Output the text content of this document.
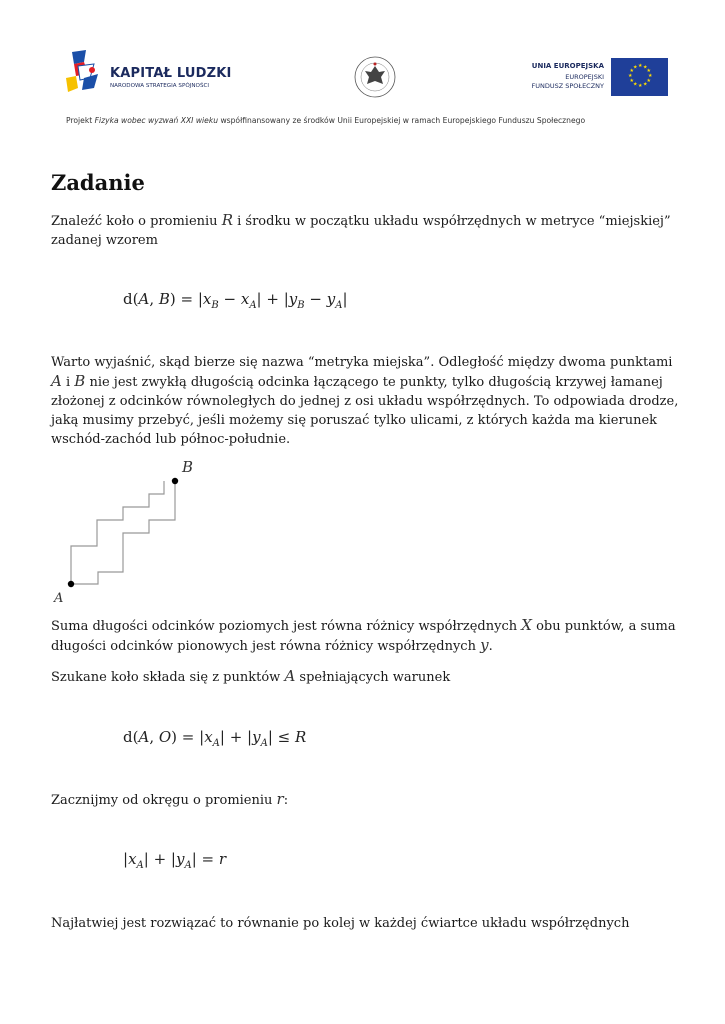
KAPITAŁ LUDZKI
NARODOWA STRATEGIA SPÓJNOŚCI
UNIA EUROPEJSKA
EUROPEJSKI
FUNDUSZ SPOŁECZNY
★ ★
★
★
★
★
★
★
★
★
★
★
Projekt Fizyka wobec wyzwań XXI wieku współfinansowany ze środków Unii Europejskiej w ramach Europejskiego Funduszu Społecznego
Zadanie

Znaleźć koło o promieniu R i środku w początku układu współrzędnych w metryce “miejskiej” zadanej wzorem

d(A, $B) = |x_B - x_A| + |y_B - y_A|$

Warto wyjaśnić, skąd bierze się nazwa “metryka miejska”. Odległość między dwoma punktami A i B nie jest zwykłą długością odcinka łączącego te punkty, tylko długością krzywej łamanej złożonej z odcinków równoległych do jednej z osi układu współrzędnych. To odpowiada drodze, jaką musimy przebyć, jeśli możemy się poruszać tylko ulicami, z których każda ma kierunek wschód-zachód lub północ-południe.

A
B

Suma długości odcinków poziomych jest równa różnicy współrzędnych X obu punktów, a suma długości odcinków pionowych jest równa różnicy współrzędnych y.

Szukane koło składa się z punktów A spełniających warunek

d(A, $O) = |x_A| + |y_A| \le R$

Zacznijmy od okręgu o promieniu r:

$|x_A| + |y_A| = r$

Najłatwiej jest rozwiązać to równanie po kolej w każdej ćwiartce układu współrzędnych
